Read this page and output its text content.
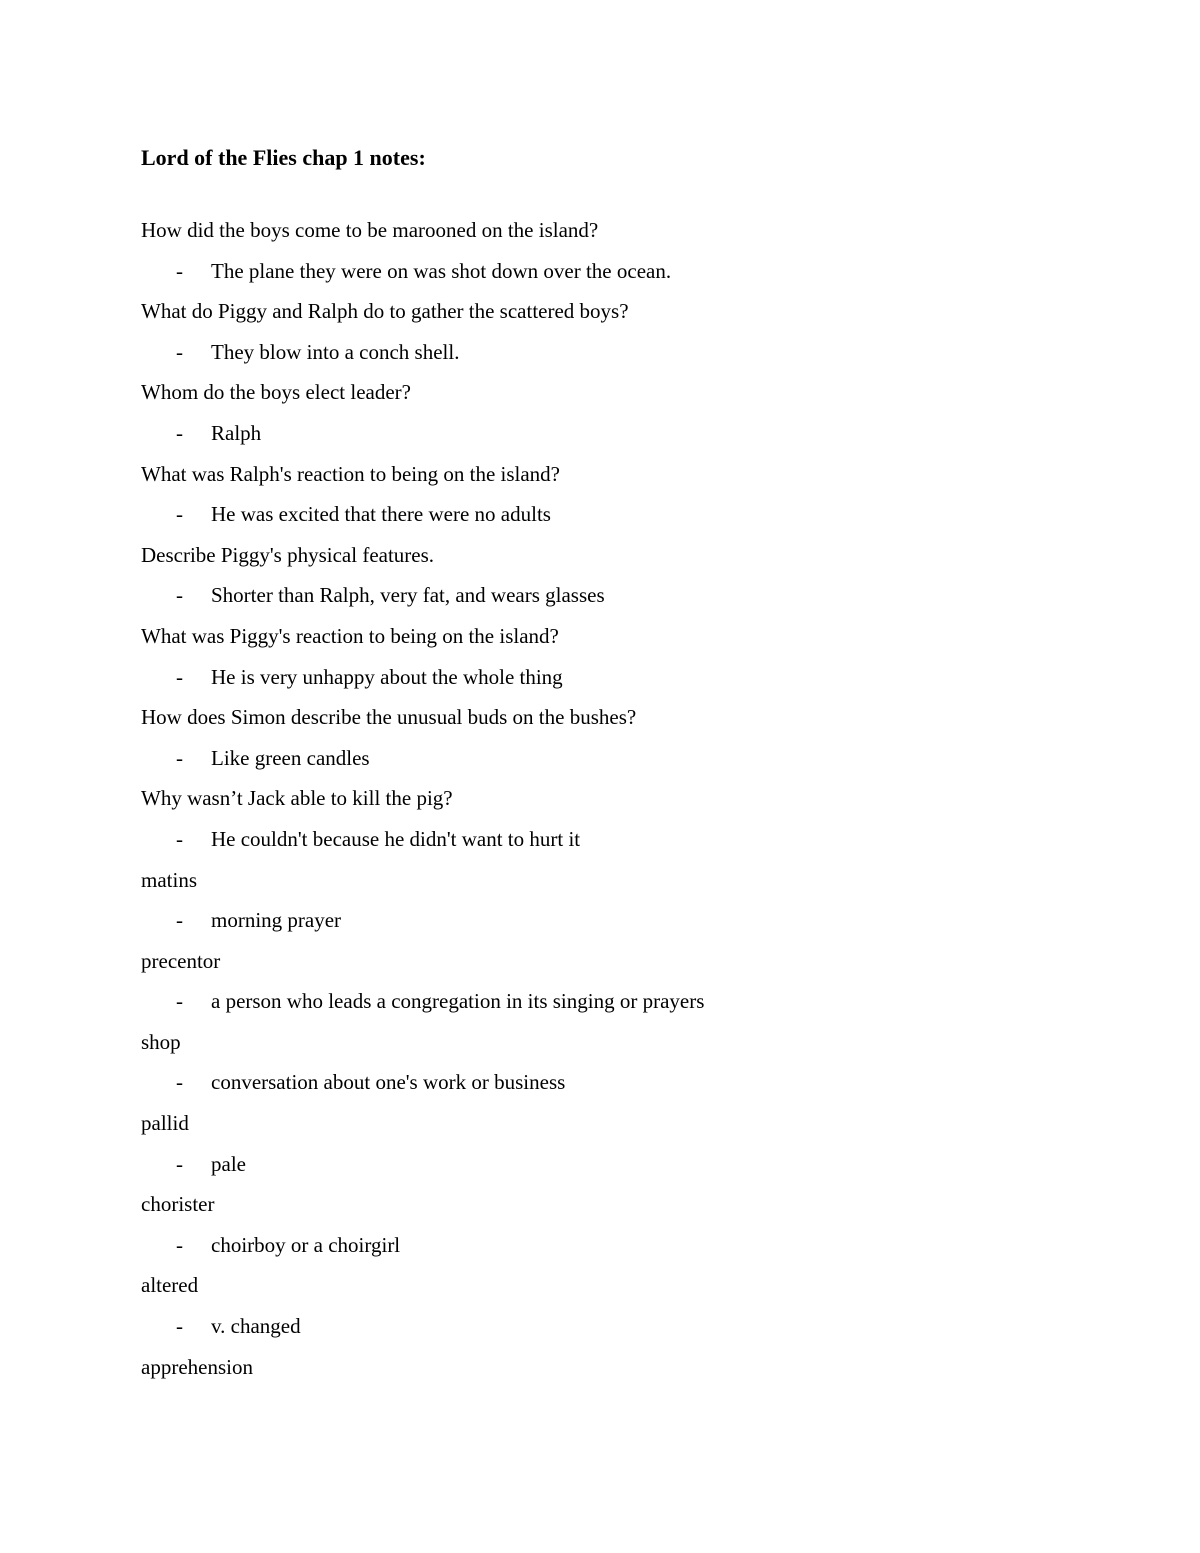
Lord of the Flies chap 1 notes:
How did the boys come to be marooned on the island?
- The plane they were on was shot down over the ocean.
What do Piggy and Ralph do to gather the scattered boys?
- They blow into a conch shell.
Whom do the boys elect leader?
- Ralph
What was Ralph's reaction to being on the island?
- He was excited that there were no adults
Describe Piggy's physical features.
- Shorter than Ralph, very fat, and wears glasses
What was Piggy's reaction to being on the island?
- He is very unhappy about the whole thing
How does Simon describe the unusual buds on the bushes?
- Like green candles
Why wasn’t Jack able to kill the pig?
- He couldn't because he didn't want to hurt it
matins
- morning prayer
precentor
- a person who leads a congregation in its singing or prayers
shop
- conversation about one's work or business
pallid
- pale
chorister
- choirboy or a choirgirl
altered
- v. changed
apprehension
